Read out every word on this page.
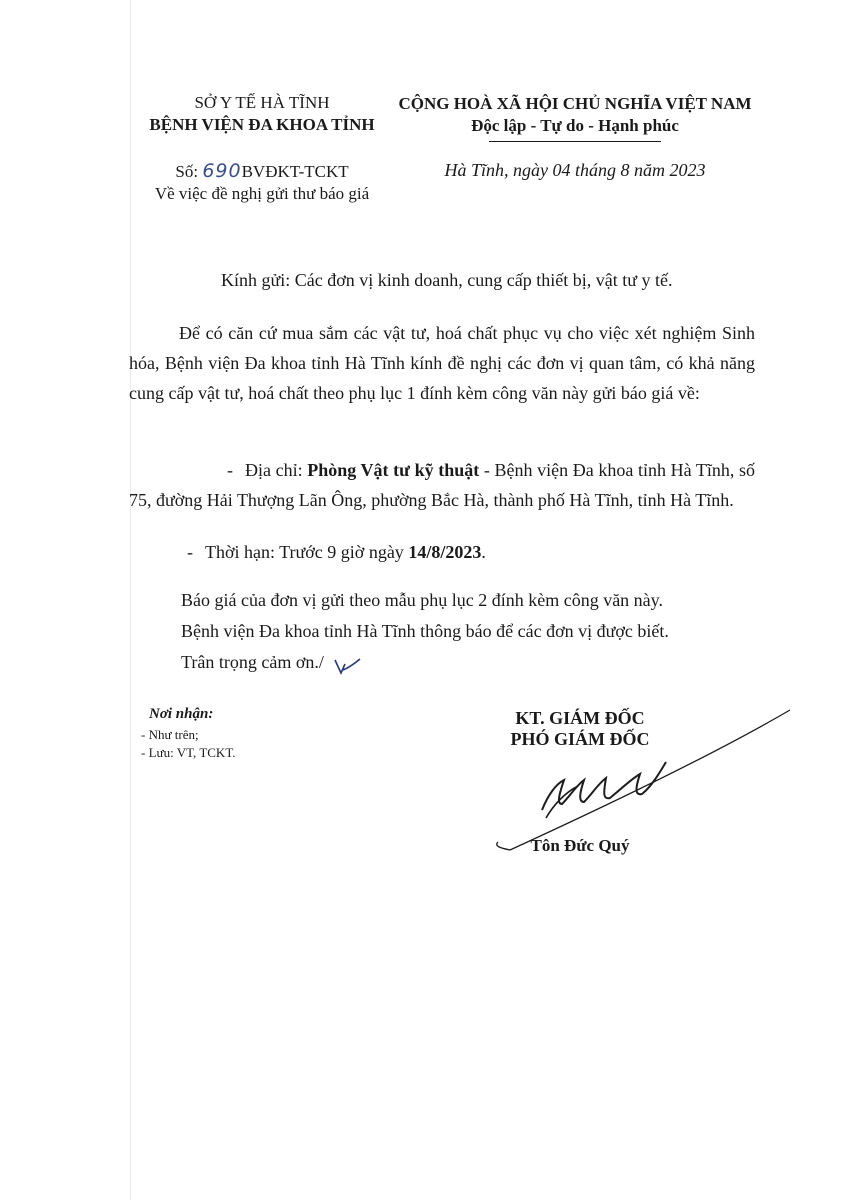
SỞ Y TẾ HÀ TĨNH
BỆNH VIỆN ĐA KHOA TỈNH
Số: 690BVĐKT-TCKT
Về việc đề nghị gửi thư báo giá
CỘNG HOÀ XÃ HỘI CHỦ NGHĨA VIỆT NAM
Độc lập - Tự do - Hạnh phúc
Hà Tĩnh, ngày 04 tháng 8 năm 2023
Kính gửi: Các đơn vị kinh doanh, cung cấp thiết bị, vật tư y tế.

Để có căn cứ mua sắm các vật tư, hoá chất phục vụ cho việc xét nghiệm Sinh hóa, Bệnh viện Đa khoa tỉnh Hà Tĩnh kính đề nghị các đơn vị quan tâm, có khả năng cung cấp vật tư, hoá chất theo phụ lục 1 đính kèm công văn này gửi báo giá về:

- Địa chỉ: Phòng Vật tư kỹ thuật - Bệnh viện Đa khoa tỉnh Hà Tĩnh, số 75, đường Hải Thượng Lãn Ông, phường Bắc Hà, thành phố Hà Tĩnh, tỉnh Hà Tĩnh.

- Thời hạn: Trước 9 giờ ngày 14/8/2023.
Báo giá của đơn vị gửi theo mẫu phụ lục 2 đính kèm công văn này.
Bệnh viện Đa khoa tỉnh Hà Tĩnh thông báo để các đơn vị được biết.
Trân trọng cảm ơn./
Nơi nhận:
- Như trên;
- Lưu: VT, TCKT.
KT. GIÁM ĐỐC
PHÓ GIÁM ĐỐC
Tôn Đức Quý
